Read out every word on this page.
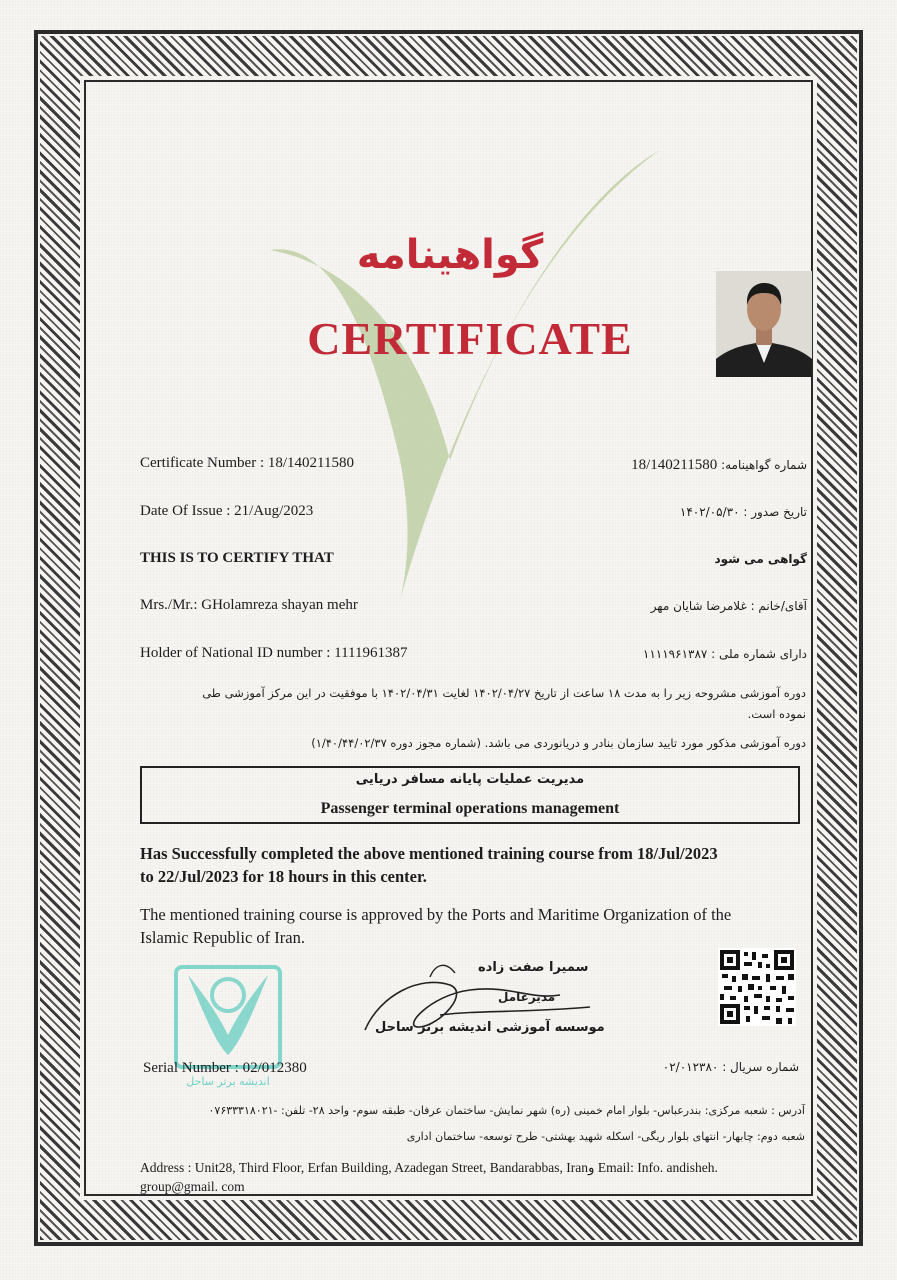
گواهینامه
CERTIFICATE
Certificate Number : 18/140211580	شماره گواهینامه: 18/140211580
Date Of Issue : 21/Aug/2023	تاریخ صدور : ۱۴۰۲/۰۵/۳۰
THIS IS TO CERTIFY THAT	گواهی می شود
Mrs./Mr.: GHolamreza shayan mehr	آقای/خانم : غلامرضا شایان مهر
Holder of National ID number : 1111961387	دارای شماره ملی : ۱۱۱۱۹۶۱۳۸۷
دوره آموزشی مشروحه زیر را به مدت ۱۸ ساعت از تاریخ ۱۴۰۲/۰۴/۲۷ لغایت ۱۴۰۲/۰۴/۳۱ با موفقیت در این مرکز آموزشی طی
نموده است.
دوره آموزشی مذکور مورد تایید سازمان بنادر و دریانوردی می باشد. (شماره مجوز دوره ۱/۴۰/۴۴/۰۲/۳۷)
مدیریت عملیات پایانه مسافر دریایی
Passenger terminal operations management
Has Successfully completed the above mentioned training course from 18/Jul/2023
to 22/Jul/2023 for 18 hours in this center.
The mentioned training course is approved by the Ports and Maritime Organization of the
Islamic Republic of Iran.
اندیشه برتر ساحل
سمیرا صفت زاده
مدیرعامل
موسسه آموزشی اندیشه برتر ساحل
Serial Number : 02/012380	شماره سریال : ۰۲/۰۱۲۳۸۰
آدرس : شعبه مرکزی: بندرعباس- بلوار امام خمینی (ره) شهر نمایش- ساختمان عرفان- طبقه سوم- واحد ۲۸- تلفن: -۰۷۶۳۳۳۱۸۰۲۱
شعبه دوم: چابهار- انتهای بلوار ریگی- اسکله شهید بهشتی- طرح توسعه- ساختمان اداری
Address : Unit28, Third Floor, Erfan Building, Azadegan Street, Bandarabbas, Iranو Email: Info. andisheh.
group@gmail. com
